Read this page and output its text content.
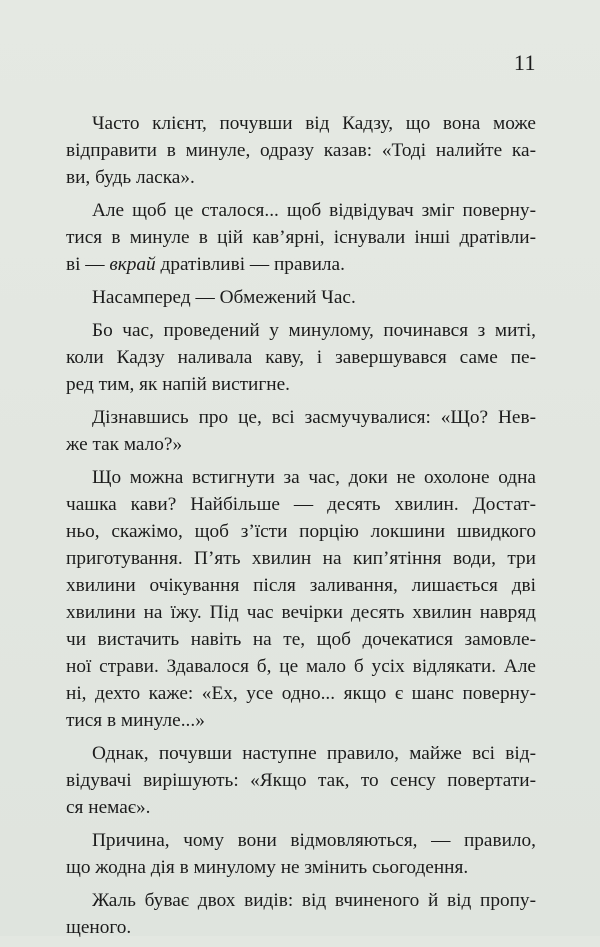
11
Часто клієнт, почувши від Кадзу, що вона може
відправити в минуле, одразу казав: «Тоді налийте ка-
ви, будь ласка».
Але щоб це сталося... щоб відвідувач зміг поверну-
тися в минуле в цій кав’ярні, існували інші дратівли-
ві — вкрай дратівливі — правила.
Насамперед — Обмежений Час.
Бо час, проведений у минулому, починався з миті,
коли Кадзу наливала каву, і завершувався саме пе-
ред тим, як напій вистигне.
Дізнавшись про це, всі засмучувалися: «Що? Нев-
же так мало?»
Що можна встигнути за час, доки не охолоне одна
чашка кави? Найбільше — десять хвилин. Достат-
ньо, скажімо, щоб з’їсти порцію локшини швидкого
приготування. П’ять хвилин на кип’ятіння води, три
хвилини очікування після заливання, лишається дві
хвилини на їжу. Під час вечірки десять хвилин навряд
чи вистачить навіть на те, щоб дочекатися замовле-
ної страви. Здавалося б, це мало б усіх відлякати. Але
ні, дехто каже: «Ех, усе одно... якщо є шанс поверну-
тися в минуле...»
Однак, почувши наступне правило, майже всі від-
відувачі вирішують: «Якщо так, то сенсу повертати-
ся немає».
Причина, чому вони відмовляються, — правило,
що жодна дія в минулому не змінить сьогодення.
Жаль буває двох видів: від вчиненого й від пропу-
щеного.
